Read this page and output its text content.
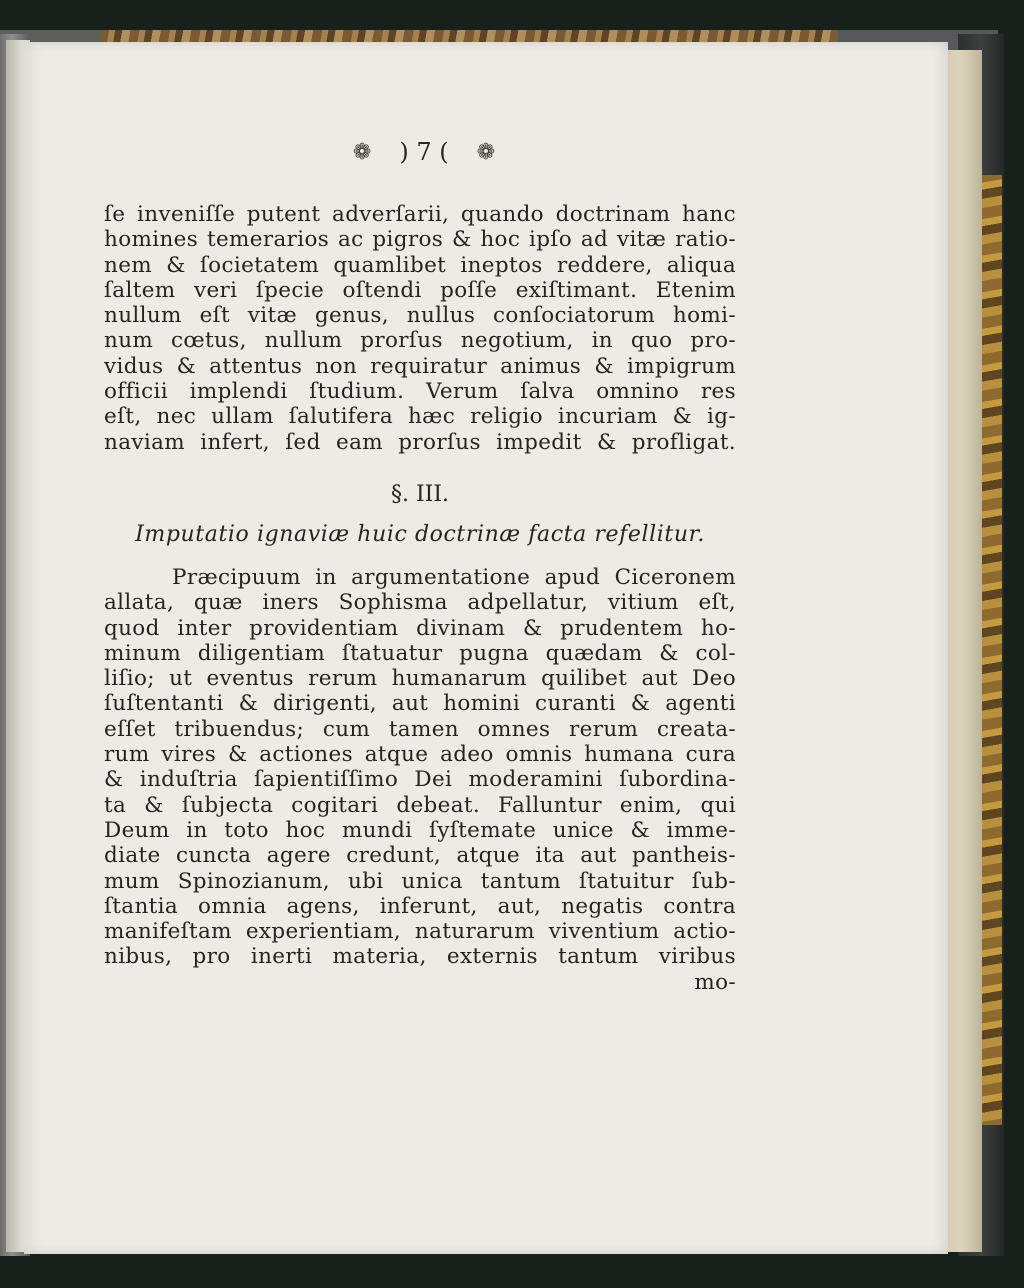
❁ ) 7 ( ❁
ſe inveniſſe putent adverſarii, quando doctrinam hanc
homines temerarios ac pigros & hoc ipſo ad vitæ ratio-
nem & ſocietatem quamlibet ineptos reddere, aliqua
ſaltem veri ſpecie oſtendi poſſe exiſtimant. Etenim
nullum eſt vitæ genus, nullus conſociatorum homi-
num cœtus, nullum prorſus negotium, in quo pro-
vidus & attentus non requiratur animus & impigrum
officii implendi ſtudium. Verum ſalva omnino res
eſt, nec ullam ſalutifera hæc religio incuriam & ig-
naviam infert, ſed eam prorſus impedit & profligat.
§. III.
Imputatio ignaviæ huic doctrinæ facta refellitur.
Præcipuum in argumentatione apud Ciceronem
allata, quæ iners Sophisma adpellatur, vitium eſt,
quod inter providentiam divinam & prudentem ho-
minum diligentiam ſtatuatur pugna quædam & col-
liſio; ut eventus rerum humanarum quilibet aut Deo
ſuſtentanti & dirigenti, aut homini curanti & agenti
eſſet tribuendus; cum tamen omnes rerum creata-
rum vires & actiones atque adeo omnis humana cura
& induſtria ſapientiſſimo Dei moderamini ſubordina-
ta & ſubjecta cogitari debeat. Falluntur enim, qui
Deum in toto hoc mundi ſyſtemate unice & imme-
diate cuncta agere credunt, atque ita aut pantheis-
mum Spinozianum, ubi unica tantum ſtatuitur ſub-
ſtantia omnia agens, inferunt, aut, negatis contra
manifeſtam experientiam, naturarum viventium actio-
nibus, pro inerti materia, externis tantum viribus
mo-
